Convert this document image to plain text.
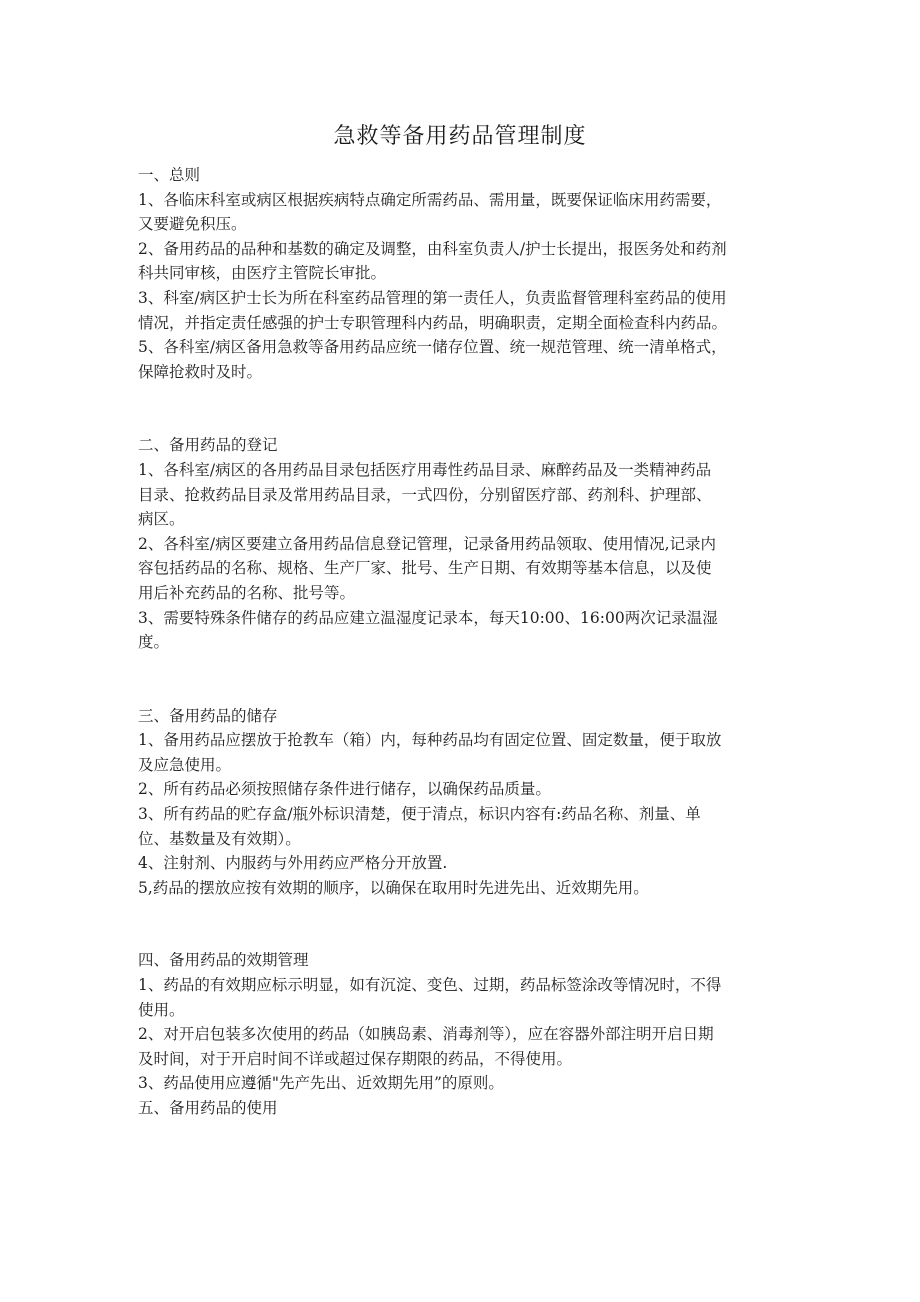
急救等备用药品管理制度

一、总则

1、各临床科室或病区根据疾病特点确定所需药品、需用量，既要保证临床用药需要，

又要避免积压。

2、备用药品的品种和基数的确定及调整，由科室负责人/护士长提出，报医务处和药剂

科共同审核，由医疗主管院长审批。

3、科室/病区护士长为所在科室药品管理的第一责任人，负责监督管理科室药品的使用

情况，并指定责任感强的护士专职管理科内药品，明确职责，定期全面检查科内药品。

5、各科室/病区备用急救等备用药品应统一储存位置、统一规范管理、统一清单格式，

保障抢救时及时。

二、备用药品的登记

1、各科室/病区的各用药品目录包括医疗用毒性药品目录、麻醉药品及一类精神药品

目录、抢救药品目录及常用药品目录，一式四份，分别留医疗部、药剂科、护理部、

病区。

2、各科室/病区要建立备用药品信息登记管理，记录备用药品领取、使用情况,记录内

容包括药品的名称、规格、生产厂家、批号、生产日期、有效期等基本信息，以及使

用后补充药品的名称、批号等。

3、需要特殊条件储存的药品应建立温湿度记录本，每天10:00、16:00两次记录温湿

度。

三、备用药品的储存

1、备用药品应摆放于抢教车（箱）内，每种药品均有固定位置、固定数量，便于取放

及应急使用。

2、所有药品必须按照储存条件进行储存，以确保药品质量。

3、所有药品的贮存盒/瓶外标识清楚，便于清点，标识内容有:药品名称、剂量、单

位、基数量及有效期）。

4、注射剂、内服药与外用药应严格分开放置.

5,药品的摆放应按有效期的顺序，以确保在取用时先进先出、近效期先用。

四、备用药品的效期管理

1、药品的有效期应标示明显，如有沉淀、变色、过期，药品标签涂改等情况时，不得

使用。

2、对开启包装多次使用的药品（如胰岛素、消毒剂等），应在容器外部注明开启日期

及时间，对于开启时间不详或超过保存期限的药品，不得使用。

3、药品使用应遵循"先产先出、近效期先用”的原则。

五、备用药品的使用
